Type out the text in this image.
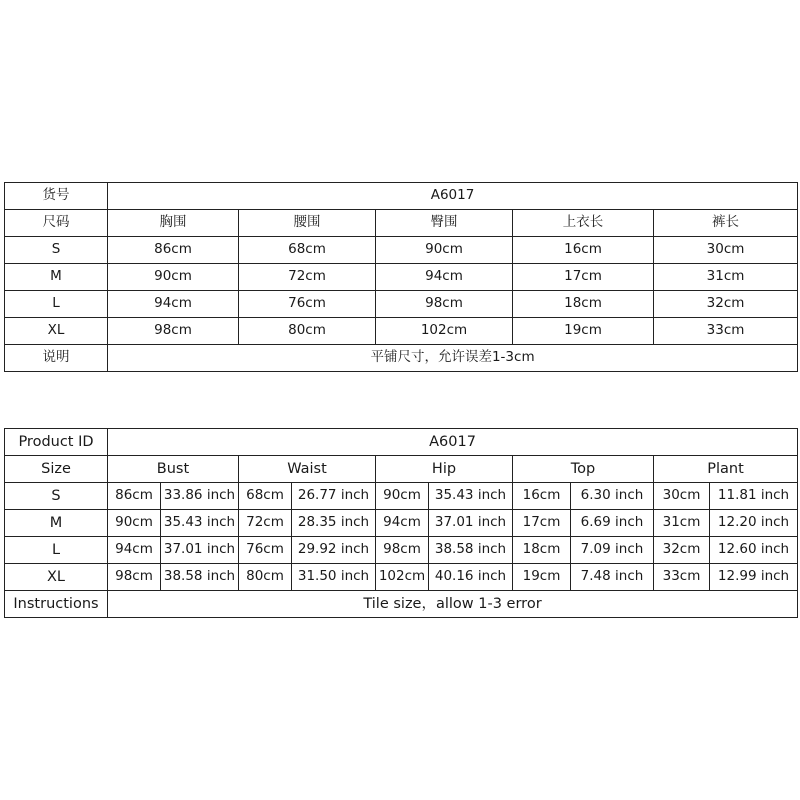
货号	A6017				
尺码	胸围	腰围	臀围	上衣长	裤长
S	86cm	68cm	90cm	16cm	30cm
M	90cm	72cm	94cm	17cm	31cm
L	94cm	76cm	98cm	18cm	32cm
XL	98cm	80cm	102cm	19cm	33cm
说明	平铺尺寸，允许误差1-3cm				
Product ID	A6017									
Size	Bust		Waist		Hip		Top		Plant	
S	86cm	33.86 inch	68cm	26.77 inch	90cm	35.43 inch	16cm	6.30 inch	30cm	11.81 inch
M	90cm	35.43 inch	72cm	28.35 inch	94cm	37.01 inch	17cm	6.69 inch	31cm	12.20 inch
L	94cm	37.01 inch	76cm	29.92 inch	98cm	38.58 inch	18cm	7.09 inch	32cm	12.60 inch
XL	98cm	38.58 inch	80cm	31.50 inch	102cm	40.16 inch	19cm	7.48 inch	33cm	12.99 inch
Instructions	Tile size，allow 1-3 error									
